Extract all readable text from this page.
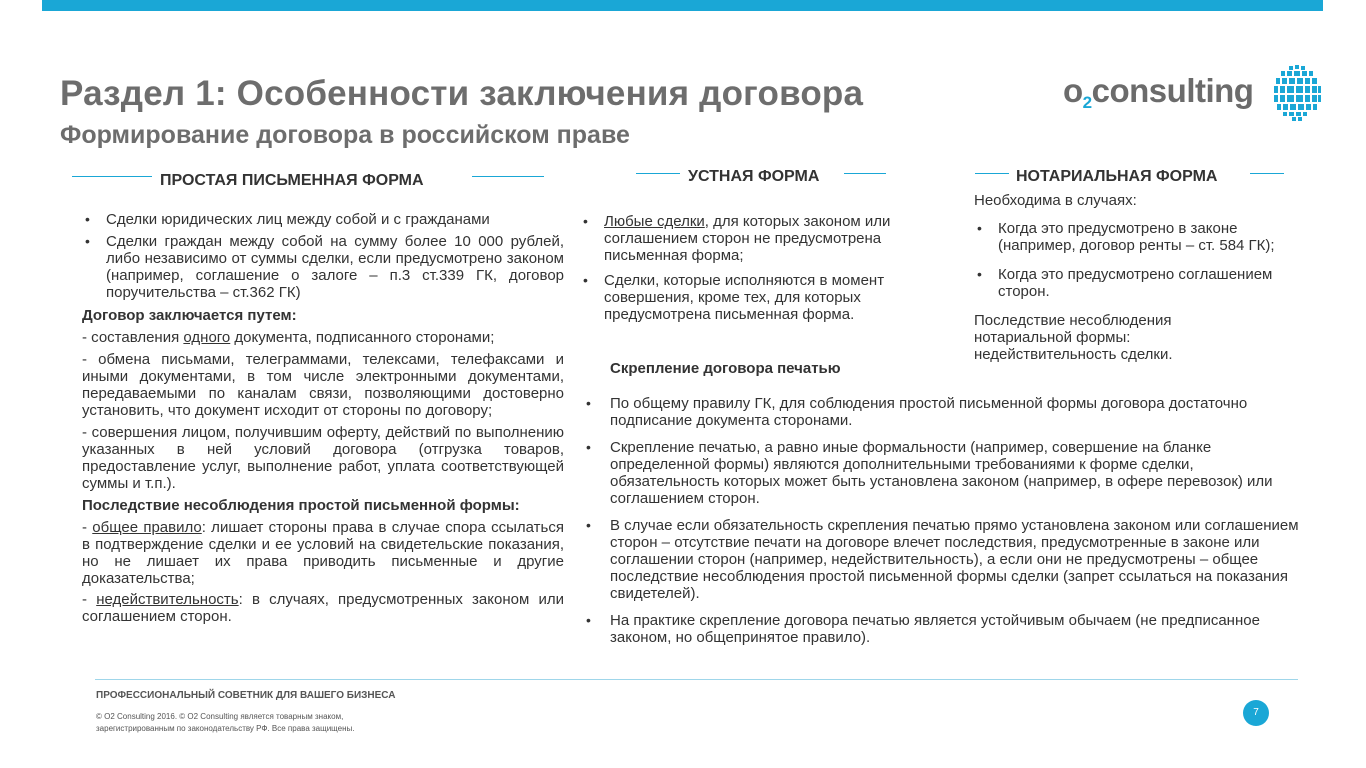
Раздел 1: Особенности заключения договора
Формирование договора в российском праве
$o_2consulting$
ПРОСТАЯ ПИСЬМЕННАЯ ФОРМА

• Сделки юридических лиц между собой и с гражданами

• Сделки граждан между собой на сумму более 10 000 рублей, либо независимо от суммы сделки, если предусмотрено законом (например, соглашение о залоге – п.3 ст.339 ГК, договор поручительства – ст.362 ГК)

Договор заключается путем:

- составления одного документа, подписанного сторонами;

- обмена письмами, телеграммами, телексами, телефаксами и иными документами, в том числе электронными документами, передаваемыми по каналам связи, позволяющими достоверно установить, что документ исходит от стороны по договору;

- совершения лицом, получившим оферту, действий по выполнению указанных в ней условий договора (отгрузка товаров, предоставление услуг, выполнение работ, уплата соответствующей суммы и т.п.).

Последствие несоблюдения простой письменной формы:

- общее правило: лишает стороны права в случае спора ссылаться в подтверждение сделки и ее условий на свидетельские показания, но не лишает их права приводить письменные и другие доказательства;

- недействительность: в случаях, предусмотренных законом или соглашением сторон.

УСТНАЯ ФОРМА

• Любые сделки, для которых законом или соглашением сторон не предусмотрена письменная форма;

• Сделки, которые исполняются в момент совершения, кроме тех, для которых предусмотрена письменная форма.

НОТАРИАЛЬНАЯ ФОРМА

Необходима в случаях:

• Когда это предусмотрено в законе (например, договор ренты – ст. 584 ГК);

• Когда это предусмотрено соглашением сторон.

Последствие несоблюдения нотариальной формы: недействительность сделки.

Скрепление договора печатью

• По общему правилу ГК, для соблюдения простой письменной формы договора достаточно подписание документа сторонами.

• Скрепление печатью, а равно иные формальности (например, совершение на бланке определенной формы) являются дополнительными требованиями к форме сделки, обязательность которых может быть установлена законом (например, в офере перевозок) или соглашением сторон.

• В случае если обязательность скрепления печатью прямо установлена законом или соглашением сторон – отсутствие печати на договоре влечет последствия, предусмотренные в законе или соглашении сторон (например, недействительность), а если они не предусмотрены – общее последствие несоблюдения простой письменной формы сделки (запрет ссылаться на показания свидетелей).

• На практике скрепление договора печатью является устойчивым обычаем (не предписанное законом, но общепринятое правило).

ПРОФЕССИОНАЛЬНЫЙ СОВЕТНИК ДЛЯ ВАШЕГО БИЗНЕСА
© O2 Consulting 2016. © O2 Consulting является товарным знаком,
зарегистрированным по законодательству РФ. Все права защищены.
7
